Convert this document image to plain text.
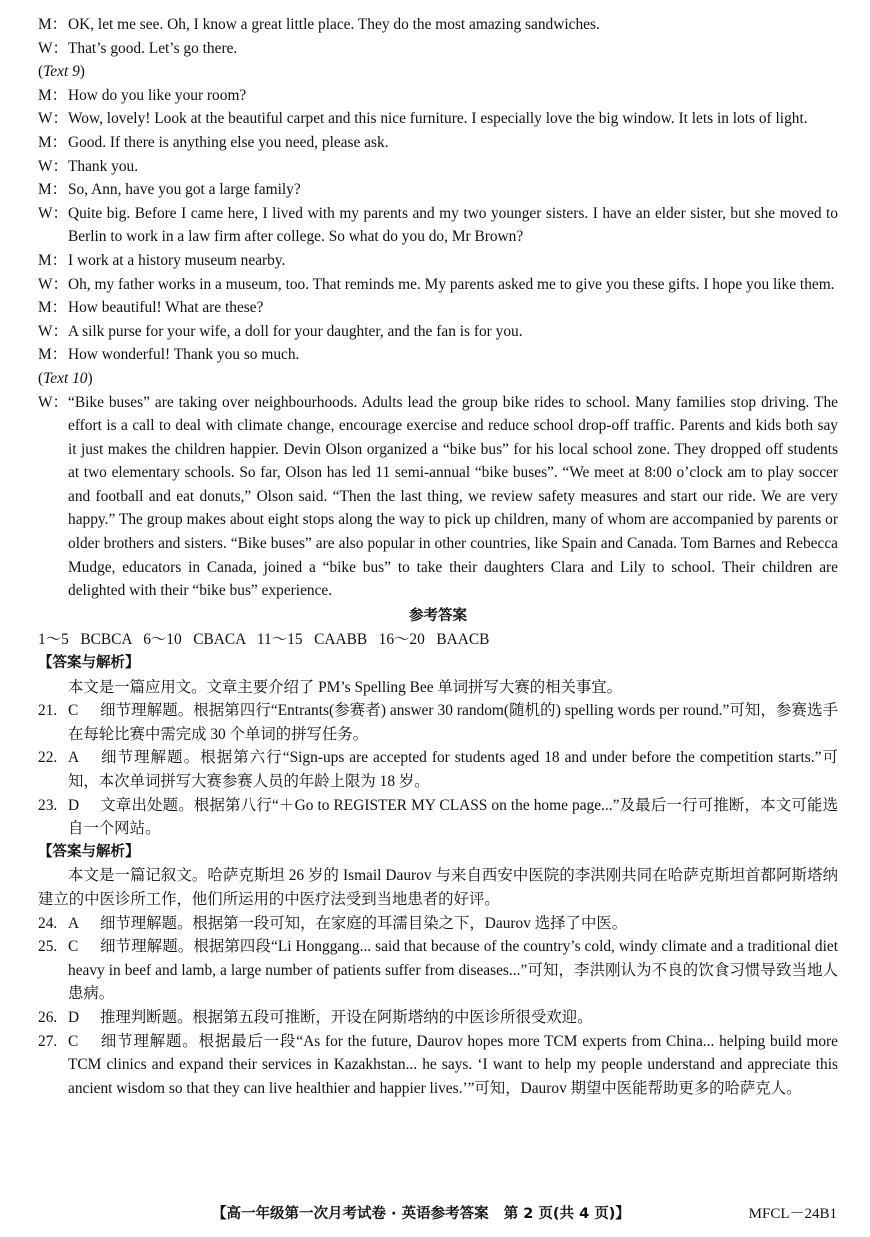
M：OK, let me see. Oh, I know a great little place. They do the most amazing sandwiches.

W：That’s good. Let’s go there.

(Text 9)

M：How do you like your room?

W：Wow, lovely! Look at the beautiful carpet and this nice furniture. I especially love the big window. It lets in lots of light.

M：Good. If there is anything else you need, please ask.

W：Thank you.

M：So, Ann, have you got a large family?

W：Quite big. Before I came here, I lived with my parents and my two younger sisters. I have an elder sister, but she moved to Berlin to work in a law firm after college. So what do you do, Mr Brown?

M：I work at a history museum nearby.

W：Oh, my father works in a museum, too. That reminds me. My parents asked me to give you these gifts. I hope you like them.

M：How beautiful! What are these?

W：A silk purse for your wife, a doll for your daughter, and the fan is for you.

M：How wonderful! Thank you so much.

(Text 10)

W：“Bike buses” are taking over neighbourhoods. Adults lead the group bike rides to school. Many families stop driving. The effort is a call to deal with climate change, encourage exercise and reduce school drop-off traffic. Parents and kids both say it just makes the children happier. Devin Olson organized a “bike bus” for his local school zone. They dropped off students at two elementary schools. So far, Olson has led 11 semi-annual “bike buses”. “We meet at 8:00 o’clock am to play soccer and football and eat donuts,” Olson said. “Then the last thing, we review safety measures and start our ride. We are very happy.” The group makes about eight stops along the way to pick up children, many of whom are accompanied by parents or older brothers and sisters. “Bike buses” are also popular in other countries, like Spain and Canada. Tom Barnes and Rebecca Mudge, educators in Canada, joined a “bike bus” to take their daughters Clara and Lily to school. Their children are delighted with their “bike bus” experience.

参考答案

1～5   BCBCA   6～10   CBACA   11～15   CAABB   16～20   BAACB

【答案与解析】

本文是一篇应用文。文章主要介绍了 PM’s Spelling Bee 单词拼写大赛的相关事宜。

21. C 细节理解题。根据第四行“Entrants(参赛者) answer 30 random(随机的) spelling words per round.”可知，参赛选手在每轮比赛中需完成 30 个单词的拼写任务。

22. A 细节理解题。根据第六行“Sign-ups are accepted for students aged 18 and under before the competition starts.”可知，本次单词拼写大赛参赛人员的年龄上限为 18 岁。

23. D 文章出处题。根据第八行“＋Go to REGISTER MY CLASS on the home page...”及最后一行可推断，本文可能选自一个网站。

【答案与解析】

本文是一篇记叙文。哈萨克斯坦 26 岁的 Ismail Daurov 与来自西安中医院的李洪刚共同在哈萨克斯坦首都阿斯塔纳建立的中医诊所工作，他们所运用的中医疗法受到当地患者的好评。

24. A 细节理解题。根据第一段可知，在家庭的耳濡目染之下，Daurov 选择了中医。

25. C 细节理解题。根据第四段“Li Honggang... said that because of the country’s cold, windy climate and a traditional diet heavy in beef and lamb, a large number of patients suffer from diseases...”可知，李洪刚认为不良的饮食习惯导致当地人患病。

26. D 推理判断题。根据第五段可推断，开设在阿斯塔纳的中医诊所很受欢迎。

27. C 细节理解题。根据最后一段“As for the future, Daurov hopes more TCM experts from China... helping build more TCM clinics and expand their services in Kazakhstan... he says. ‘I want to help my people understand and appreciate this ancient wisdom so that they can live healthier and happier lives.’”可知，Daurov 期望中医能帮助更多的哈萨克人。

【高一年级第一次月考试卷 · 英语参考答案   第 2 页(共 4 页)】	MFCL－24B1
